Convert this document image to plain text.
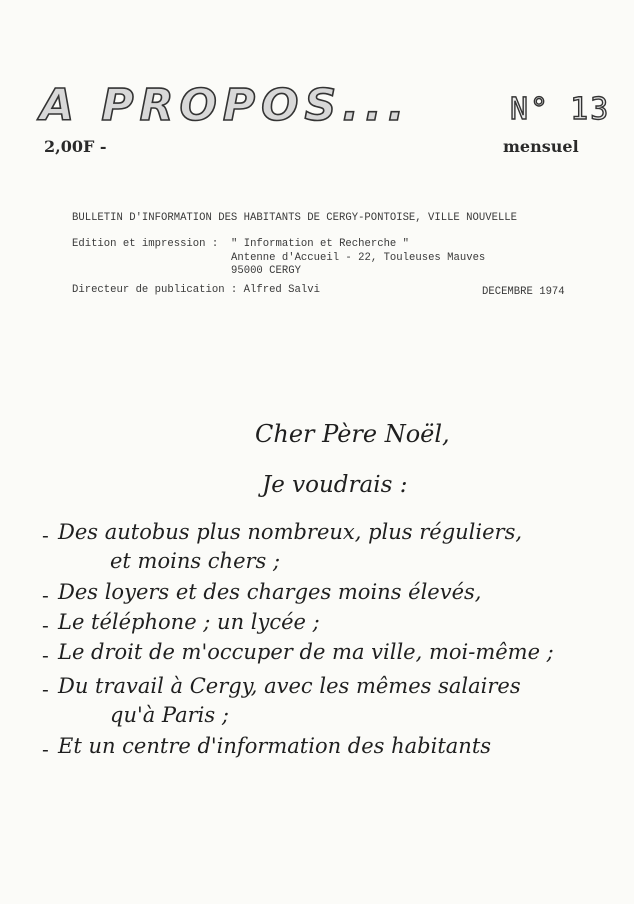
A PROPOS...	N° 13
2,00F -	mensuel
BULLETIN D'INFORMATION DES HABITANTS DE CERGY-PONTOISE, VILLE NOUVELLE
Edition et impression : " Information et Recherche "
Antenne d'Accueil - 22, Touleuses Mauves
95000 CERGY
Directeur de publication : Alfred Salvi	DECEMBRE 1974
Cher Père Noël,
Je voudrais :
- Des autobus plus nombreux, plus réguliers,
et moins chers ;
- Des loyers et des charges moins élevés,
- Le téléphone ; un lycée ;
- Le droit de m'occuper de ma ville, moi-même ;
- Du travail à Cergy, avec les mêmes salaires
qu'à Paris ;
- Et un centre d'information des habitants
